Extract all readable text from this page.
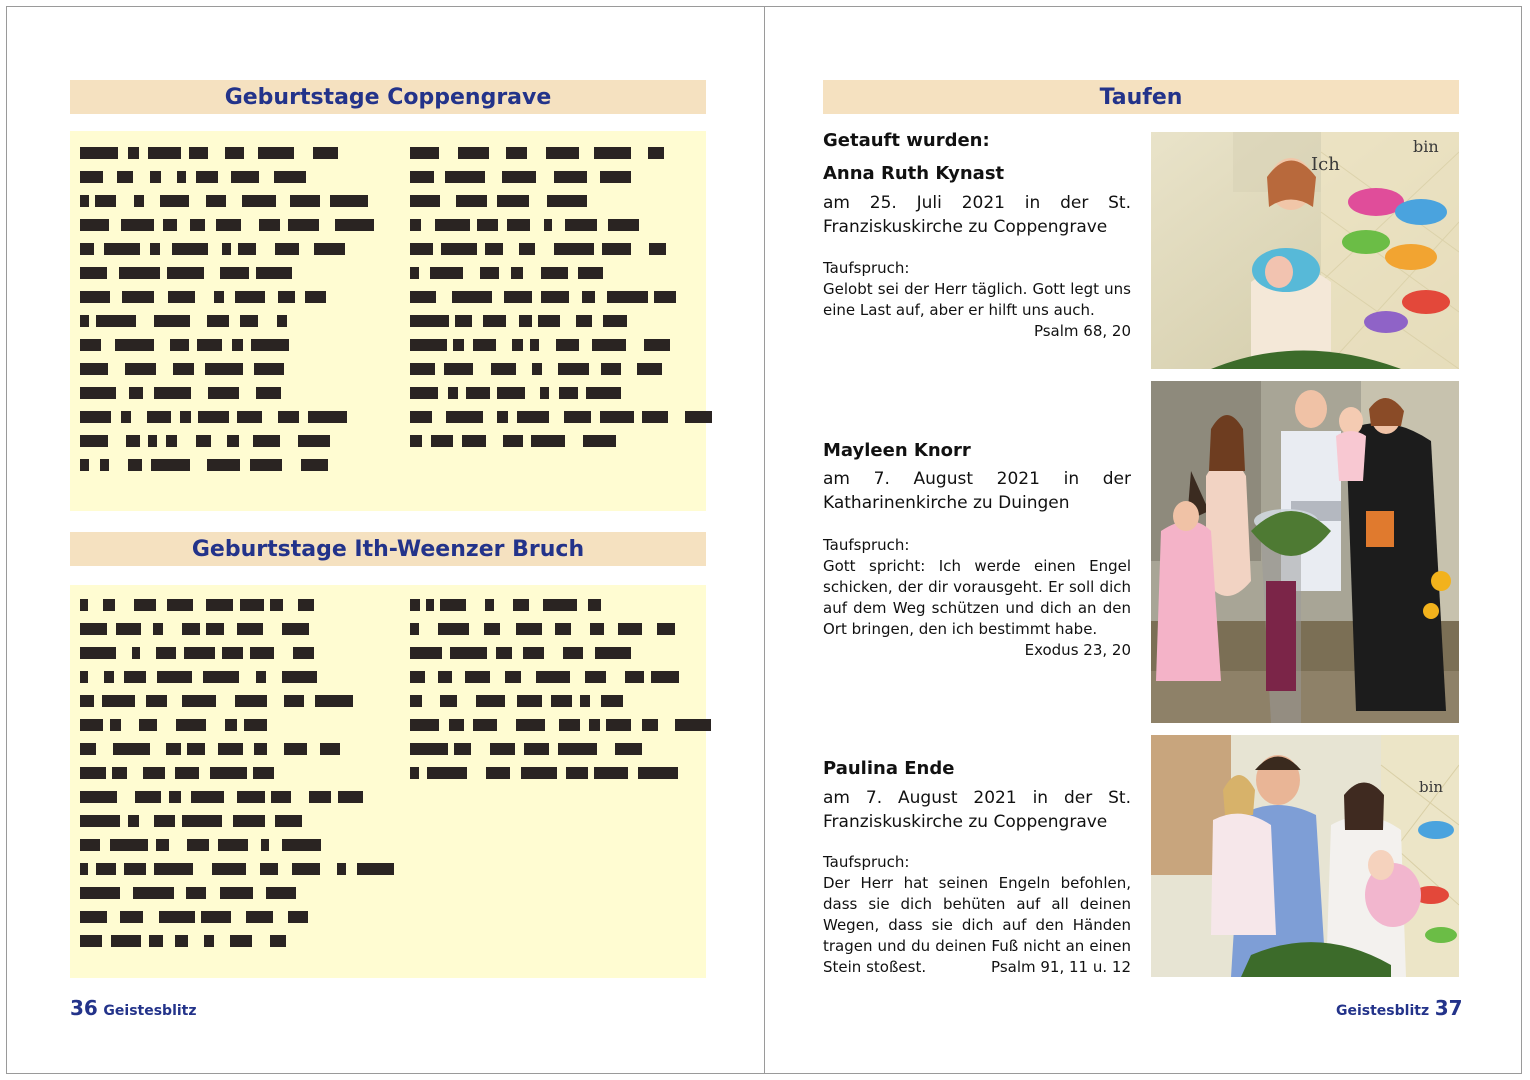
Geburtstage Coppengrave
Geburtstage Ith-Weenzer Bruch
36 Geistesblitz
Taufen
Getauft wurden:
Anna Ruth Kynast
am 25. Juli 2021 in der St. Franziskuskirche zu Coppengrave
Taufspruch:
Gelobt sei der Herr täglich. Gott legt uns eine Last auf, aber er hilft uns auch.
Psalm 68, 20
Mayleen Knorr
am 7. August 2021 in der Katharinenkirche zu Duingen
Taufspruch:
Gott spricht: Ich werde einen Engel schicken, der dir vorausgeht. Er soll dich auf dem Weg schützen und dich an den Ort bringen, den ich bestimmt habe.
Exodus 23, 20
Paulina Ende
am 7. August 2021 in der St. Franziskuskirche zu Coppengrave
Taufspruch:
Der Herr hat seinen Engeln befohlen, dass sie dich behüten auf all deinen Wegen, dass sie dich auf den Händen tragen und du deinen Fuß nicht an einen Stein stoßest.	Psalm 91, 11 u. 12
Ich
bin
bin
Geistesblitz 37
